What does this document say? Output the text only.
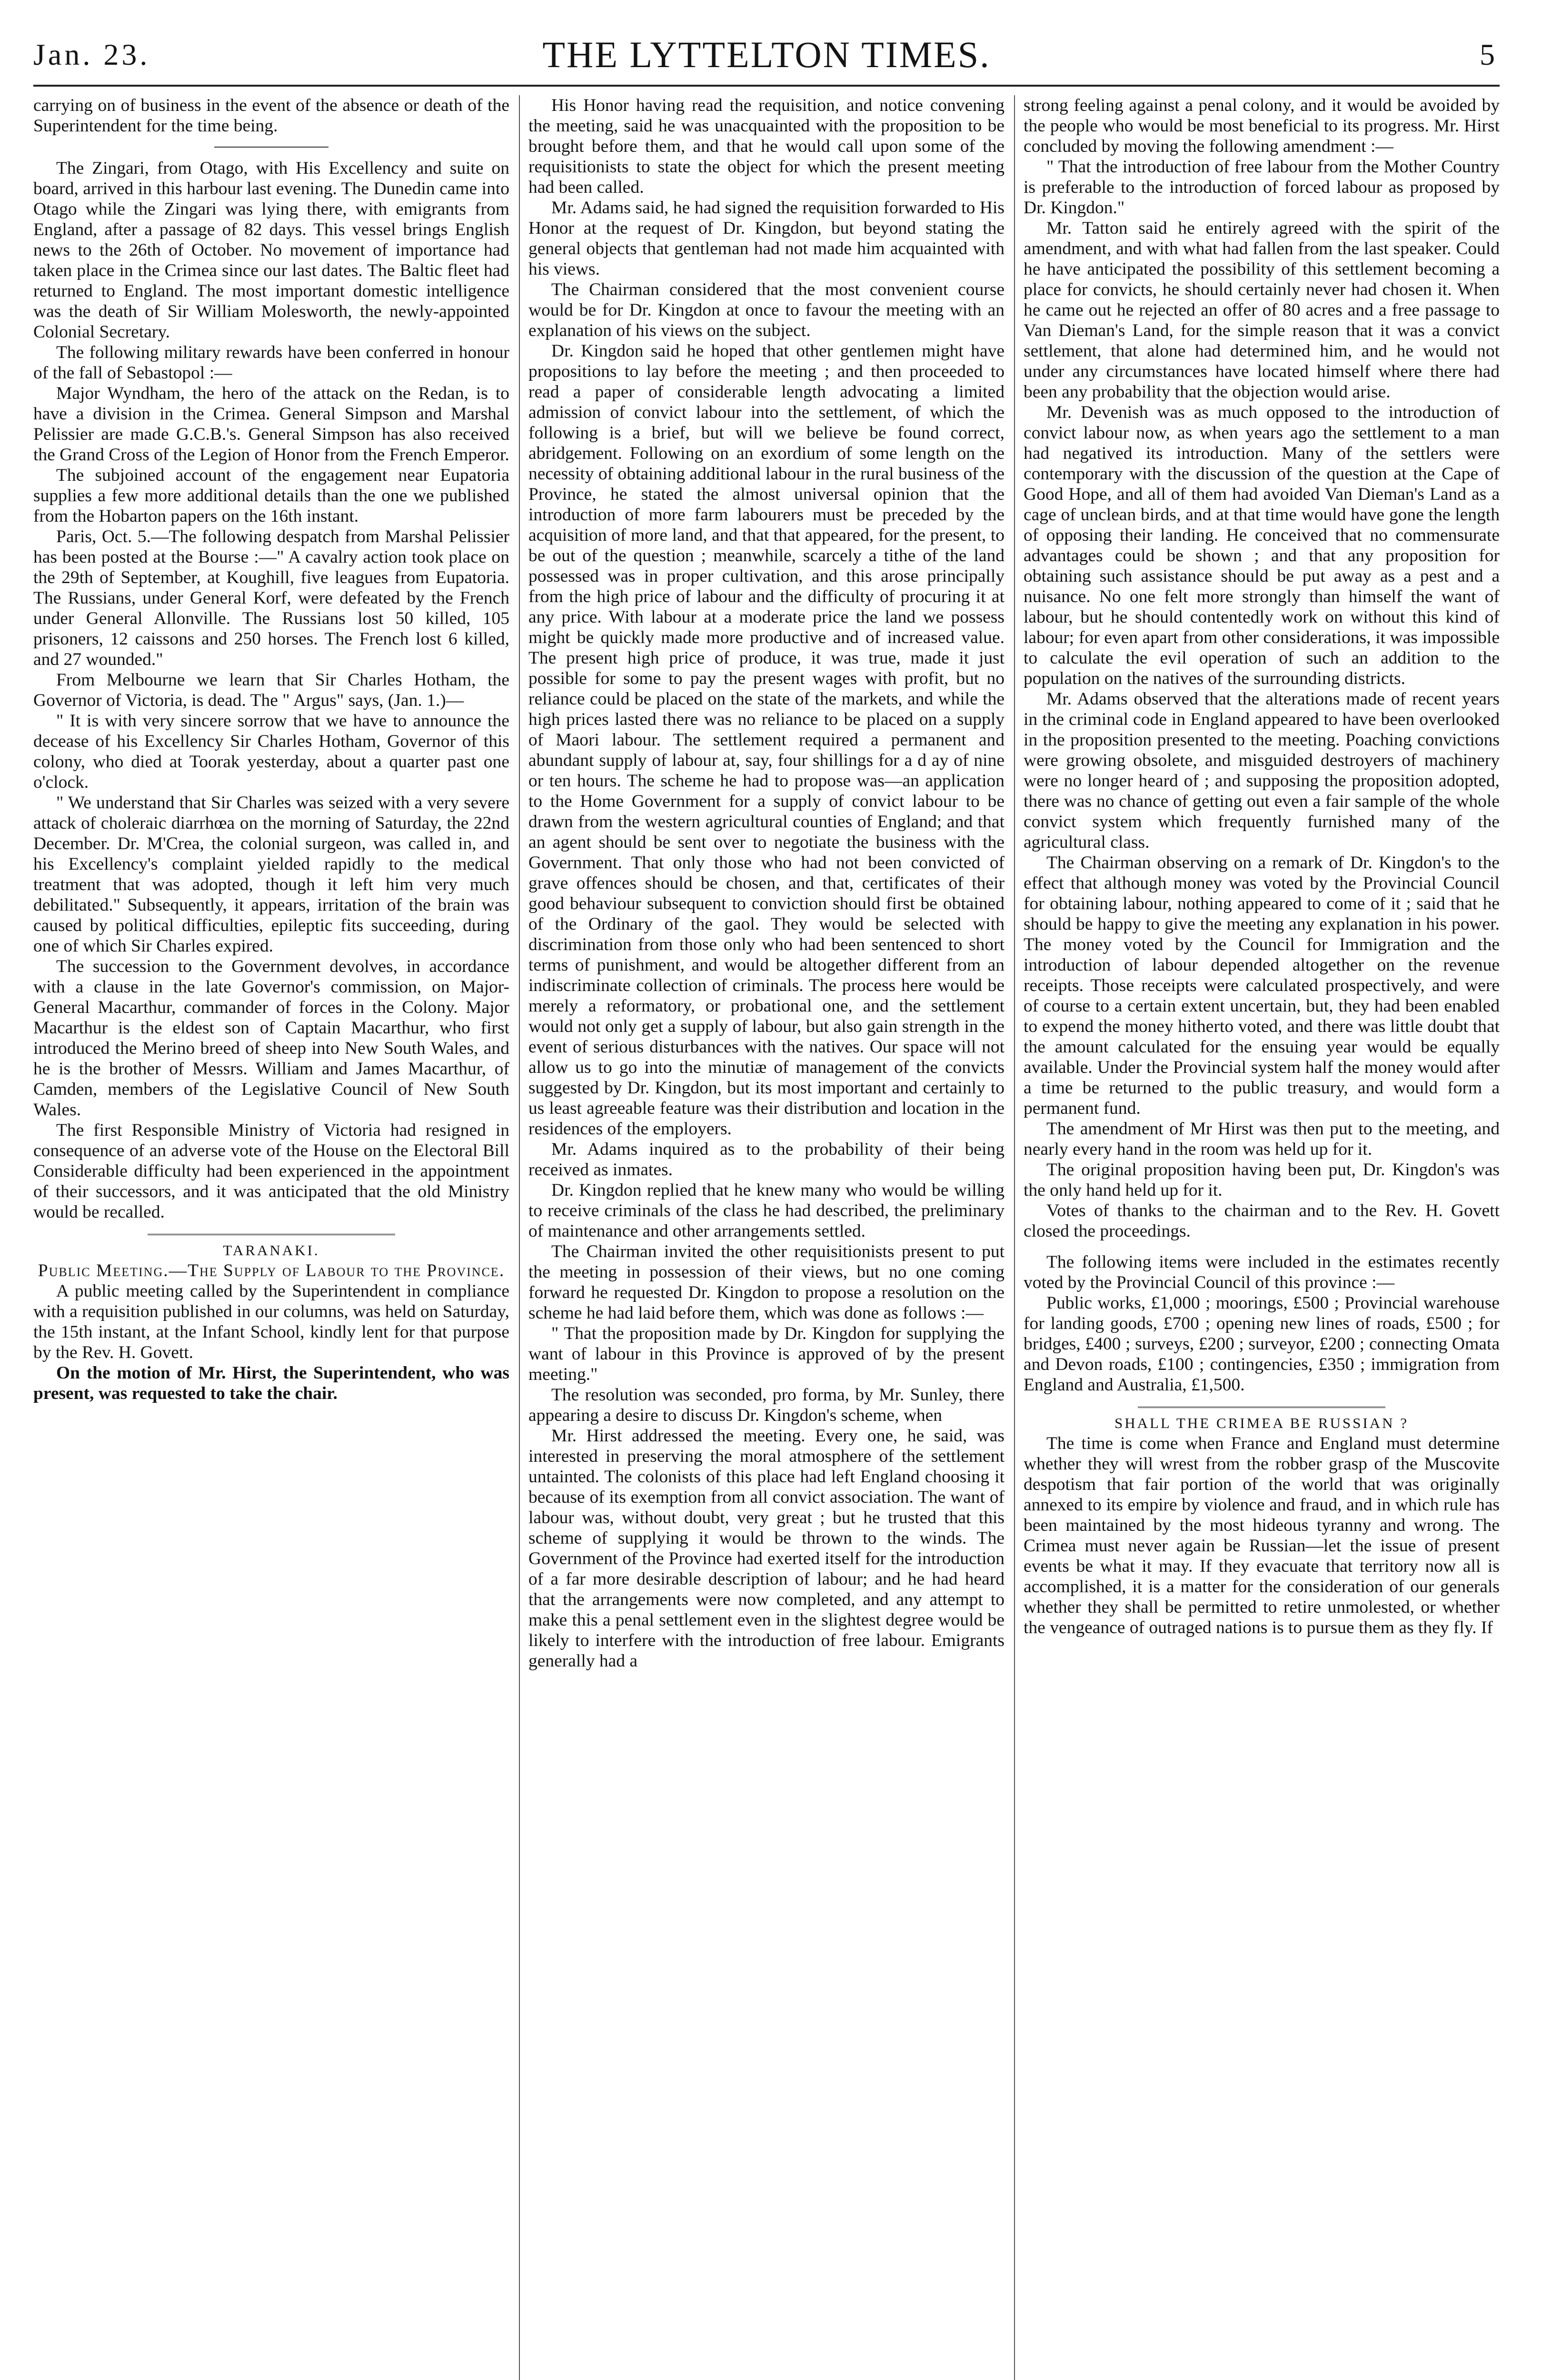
Jan. 23.	THE LYTTELTON TIMES.	5

carrying on of business in the event of the absence or death of the Superintendent for the time being.

The Zingari, from Otago, with His Excellency and suite on board, arrived in this harbour last evening. The Dunedin came into Otago while the Zingari was lying there, with emigrants from England, after a passage of 82 days. This vessel brings English news to the 26th of October. No movement of importance had taken place in the Crimea since our last dates. The Baltic fleet had returned to England. The most important domestic intelligence was the death of Sir William Molesworth, the newly-appointed Colonial Secretary.

The following military rewards have been conferred in honour of the fall of Sebastopol :—

Major Wyndham, the hero of the attack on the Redan, is to have a division in the Crimea. General Simpson and Marshal Pelissier are made G.C.B.'s. General Simpson has also received the Grand Cross of the Legion of Honor from the French Emperor.

The subjoined account of the engagement near Eupatoria supplies a few more additional details than the one we published from the Hobarton papers on the 16th instant.

Paris, Oct. 5.—The following despatch from Marshal Pelissier has been posted at the Bourse :—" A cavalry action took place on the 29th of September, at Koughill, five leagues from Eupatoria. The Russians, under General Korf, were defeated by the French under General Allonville. The Russians lost 50 killed, 105 prisoners, 12 caissons and 250 horses. The French lost 6 killed, and 27 wounded."

From Melbourne we learn that Sir Charles Hotham, the Governor of Victoria, is dead. The " Argus" says, (Jan. 1.)—

" It is with very sincere sorrow that we have to announce the decease of his Excellency Sir Charles Hotham, Governor of this colony, who died at Toorak yesterday, about a quarter past one o'clock.

" We understand that Sir Charles was seized with a very severe attack of choleraic diarrhœa on the morning of Saturday, the 22nd December. Dr. M'Crea, the colonial surgeon, was called in, and his Excellency's complaint yielded rapidly to the medical treatment that was adopted, though it left him very much debilitated." Subsequently, it appears, irritation of the brain was caused by political difficulties, epileptic fits succeeding, during one of which Sir Charles expired.

The succession to the Government devolves, in accordance with a clause in the late Governor's commission, on Major-General Macarthur, commander of forces in the Colony. Major Macarthur is the eldest son of Captain Macarthur, who first introduced the Merino breed of sheep into New South Wales, and he is the brother of Messrs. William and James Macarthur, of Camden, members of the Legislative Council of New South Wales.

The first Responsible Ministry of Victoria had resigned in consequence of an adverse vote of the House on the Electoral Bill Considerable difficulty had been experienced in the appointment of their successors, and it was anticipated that the old Ministry would be recalled.

TARANAKI.

Public Meeting.—The Supply of Labour to the Province.

A public meeting called by the Superintendent in compliance with a requisition published in our columns, was held on Saturday, the 15th instant, at the Infant School, kindly lent for that purpose by the Rev. H. Govett.

On the motion of Mr. Hirst, the Superintendent, who was present, was requested to take the chair.

His Honor having read the requisition, and notice convening the meeting, said he was unacquainted with the proposition to be brought before them, and that he would call upon some of the requisitionists to state the object for which the present meeting had been called.

Mr. Adams said, he had signed the requisition forwarded to His Honor at the request of Dr. Kingdon, but beyond stating the general objects that gentleman had not made him acquainted with his views.

The Chairman considered that the most convenient course would be for Dr. Kingdon at once to favour the meeting with an explanation of his views on the subject.

Dr. Kingdon said he hoped that other gentlemen might have propositions to lay before the meeting ; and then proceeded to read a paper of considerable length advocating a limited admission of convict labour into the settlement, of which the following is a brief, but will we believe be found correct, abridgement. Following on an exordium of some length on the necessity of obtaining additional labour in the rural business of the Province, he stated the almost universal opinion that the introduction of more farm labourers must be preceded by the acquisition of more land, and that that appeared, for the present, to be out of the question ; meanwhile, scarcely a tithe of the land possessed was in proper cultivation, and this arose principally from the high price of labour and the difficulty of procuring it at any price. With labour at a moderate price the land we possess might be quickly made more productive and of increased value. The present high price of produce, it was true, made it just possible for some to pay the present wages with profit, but no reliance could be placed on the state of the markets, and while the high prices lasted there was no reliance to be placed on a supply of Maori labour. The settlement required a permanent and abundant supply of labour at, say, four shillings for a d ay of nine or ten hours. The scheme he had to propose was—an application to the Home Government for a supply of convict labour to be drawn from the western agricultural counties of England; and that an agent should be sent over to negotiate the business with the Government. That only those who had not been convicted of grave offences should be chosen, and that, certificates of their good behaviour subsequent to conviction should first be obtained of the Ordinary of the gaol. They would be selected with discrimination from those only who had been sentenced to short terms of punishment, and would be altogether different from an indiscriminate collection of criminals. The process here would be merely a reformatory, or probational one, and the settlement would not only get a supply of labour, but also gain strength in the event of serious disturbances with the natives. Our space will not allow us to go into the minutiæ of management of the convicts suggested by Dr. Kingdon, but its most important and certainly to us least agreeable feature was their distribution and location in the residences of the employers.

Mr. Adams inquired as to the probability of their being received as inmates.

Dr. Kingdon replied that he knew many who would be willing to receive criminals of the class he had described, the preliminary of maintenance and other arrangements settled.

The Chairman invited the other requisitionists present to put the meeting in possession of their views, but no one coming forward he requested Dr. Kingdon to propose a resolution on the scheme he had laid before them, which was done as follows :—

" That the proposition made by Dr. Kingdon for supplying the want of labour in this Province is approved of by the present meeting."

The resolution was seconded, pro forma, by Mr. Sunley, there appearing a desire to discuss Dr. Kingdon's scheme, when

Mr. Hirst addressed the meeting. Every one, he said, was interested in preserving the moral atmosphere of the settlement untainted. The colonists of this place had left England choosing it because of its exemption from all convict association. The want of labour was, without doubt, very great ; but he trusted that this scheme of supplying it would be thrown to the winds. The Government of the Province had exerted itself for the introduction of a far more desirable description of labour; and he had heard that the arrangements were now completed, and any attempt to make this a penal settlement even in the slightest degree would be likely to interfere with the introduction of free labour. Emigrants generally had a

strong feeling against a penal colony, and it would be avoided by the people who would be most beneficial to its progress. Mr. Hirst concluded by moving the following amendment :—

" That the introduction of free labour from the Mother Country is preferable to the introduction of forced labour as proposed by Dr. Kingdon."

Mr. Tatton said he entirely agreed with the spirit of the amendment, and with what had fallen from the last speaker. Could he have anticipated the possibility of this settlement becoming a place for convicts, he should certainly never had chosen it. When he came out he rejected an offer of 80 acres and a free passage to Van Dieman's Land, for the simple reason that it was a convict settlement, that alone had determined him, and he would not under any circumstances have located himself where there had been any probability that the objection would arise.

Mr. Devenish was as much opposed to the introduction of convict labour now, as when years ago the settlement to a man had negatived its introduction. Many of the settlers were contemporary with the discussion of the question at the Cape of Good Hope, and all of them had avoided Van Dieman's Land as a cage of unclean birds, and at that time would have gone the length of opposing their landing. He conceived that no commensurate advantages could be shown ; and that any proposition for obtaining such assistance should be put away as a pest and a nuisance. No one felt more strongly than himself the want of labour, but he should contentedly work on without this kind of labour; for even apart from other considerations, it was impossible to calculate the evil operation of such an addition to the population on the natives of the surrounding districts.

Mr. Adams observed that the alterations made of recent years in the criminal code in England appeared to have been overlooked in the proposition presented to the meeting. Poaching convictions were growing obsolete, and misguided destroyers of machinery were no longer heard of ; and supposing the proposition adopted, there was no chance of getting out even a fair sample of the whole convict system which frequently furnished many of the agricultural class.

The Chairman observing on a remark of Dr. Kingdon's to the effect that although money was voted by the Provincial Council for obtaining labour, nothing appeared to come of it ; said that he should be happy to give the meeting any explanation in his power. The money voted by the Council for Immigration and the introduction of labour depended altogether on the revenue receipts. Those receipts were calculated prospectively, and were of course to a certain extent uncertain, but, they had been enabled to expend the money hitherto voted, and there was little doubt that the amount calculated for the ensuing year would be equally available. Under the Provincial system half the money would after a time be returned to the public treasury, and would form a permanent fund.

The amendment of Mr Hirst was then put to the meeting, and nearly every hand in the room was held up for it.

The original proposition having been put, Dr. Kingdon's was the only hand held up for it.

Votes of thanks to the chairman and to the Rev. H. Govett closed the proceedings.

The following items were included in the estimates recently voted by the Provincial Council of this province :—

Public works, £1,000 ; moorings, £500 ; Provincial warehouse for landing goods, £700 ; opening new lines of roads, £500 ; for bridges, £400 ; surveys, £200 ; surveyor, £200 ; connecting Omata and Devon roads, £100 ; contingencies, £350 ; immigration from England and Australia, £1,500.

SHALL THE CRIMEA BE RUSSIAN ?

The time is come when France and England must determine whether they will wrest from the robber grasp of the Muscovite despotism that fair portion of the world that was originally annexed to its empire by violence and fraud, and in which rule has been maintained by the most hideous tyranny and wrong. The Crimea must never again be Russian—let the issue of present events be what it may. If they evacuate that territory now all is accomplished, it is a matter for the consideration of our generals whether they shall be permitted to retire unmolested, or whether the vengeance of outraged nations is to pursue them as they fly. If
